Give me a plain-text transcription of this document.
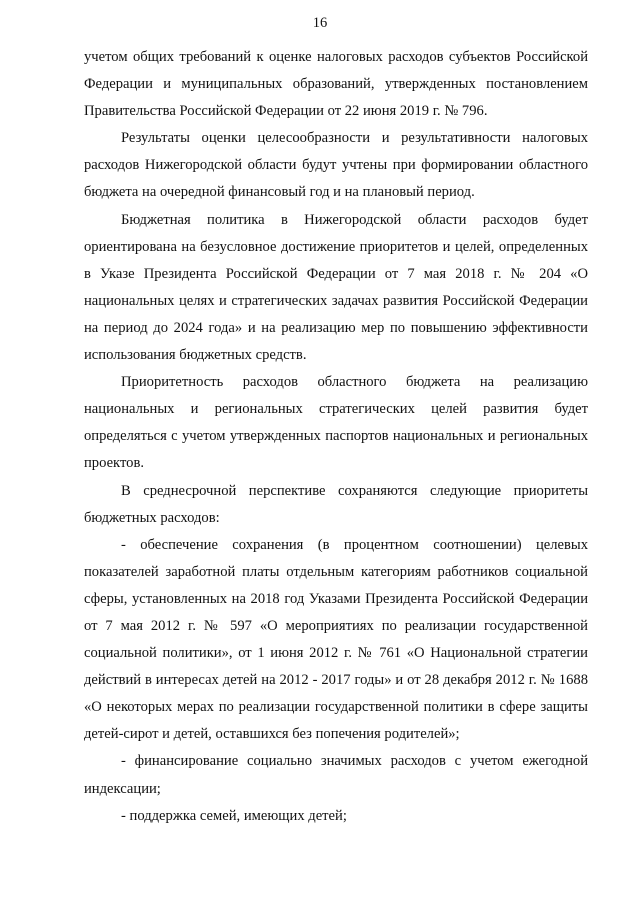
16

учетом общих требований к оценке налоговых расходов субъектов Российской Федерации и муниципальных образований, утвержденных постановлением Правительства Российской Федерации от 22 июня 2019 г. № 796.

Результаты оценки целесообразности и результативности налоговых расходов Нижегородской области будут учтены при формировании областного бюджета на очередной финансовый год и на плановый период.

Бюджетная политика в Нижегородской области расходов будет ориентирована на безусловное достижение приоритетов и целей, определенных в Указе Президента Российской Федерации от 7 мая 2018 г. № 204 «О национальных целях и стратегических задачах развития Российской Федерации на период до 2024 года» и на реализацию мер по повышению эффективности использования бюджетных средств.

Приоритетность расходов областного бюджета на реализацию национальных и региональных стратегических целей развития будет определяться с учетом утвержденных паспортов национальных и региональных проектов.

В среднесрочной перспективе сохраняются следующие приоритеты бюджетных расходов:

- обеспечение сохранения (в процентном соотношении) целевых показателей заработной платы отдельным категориям работников социальной сферы, установленных на 2018 год Указами Президента Российской Федерации от 7 мая 2012 г. № 597 «О мероприятиях по реализации государственной социальной политики», от 1 июня 2012 г. № 761 «О Национальной стратегии действий в интересах детей на 2012 - 2017 годы» и от 28 декабря 2012 г. № 1688 «О некоторых мерах по реализации государственной политики в сфере защиты детей-сирот и детей, оставшихся без попечения родителей»;

- финансирование социально значимых расходов с учетом ежегодной индексации;

- поддержка семей, имеющих детей;
